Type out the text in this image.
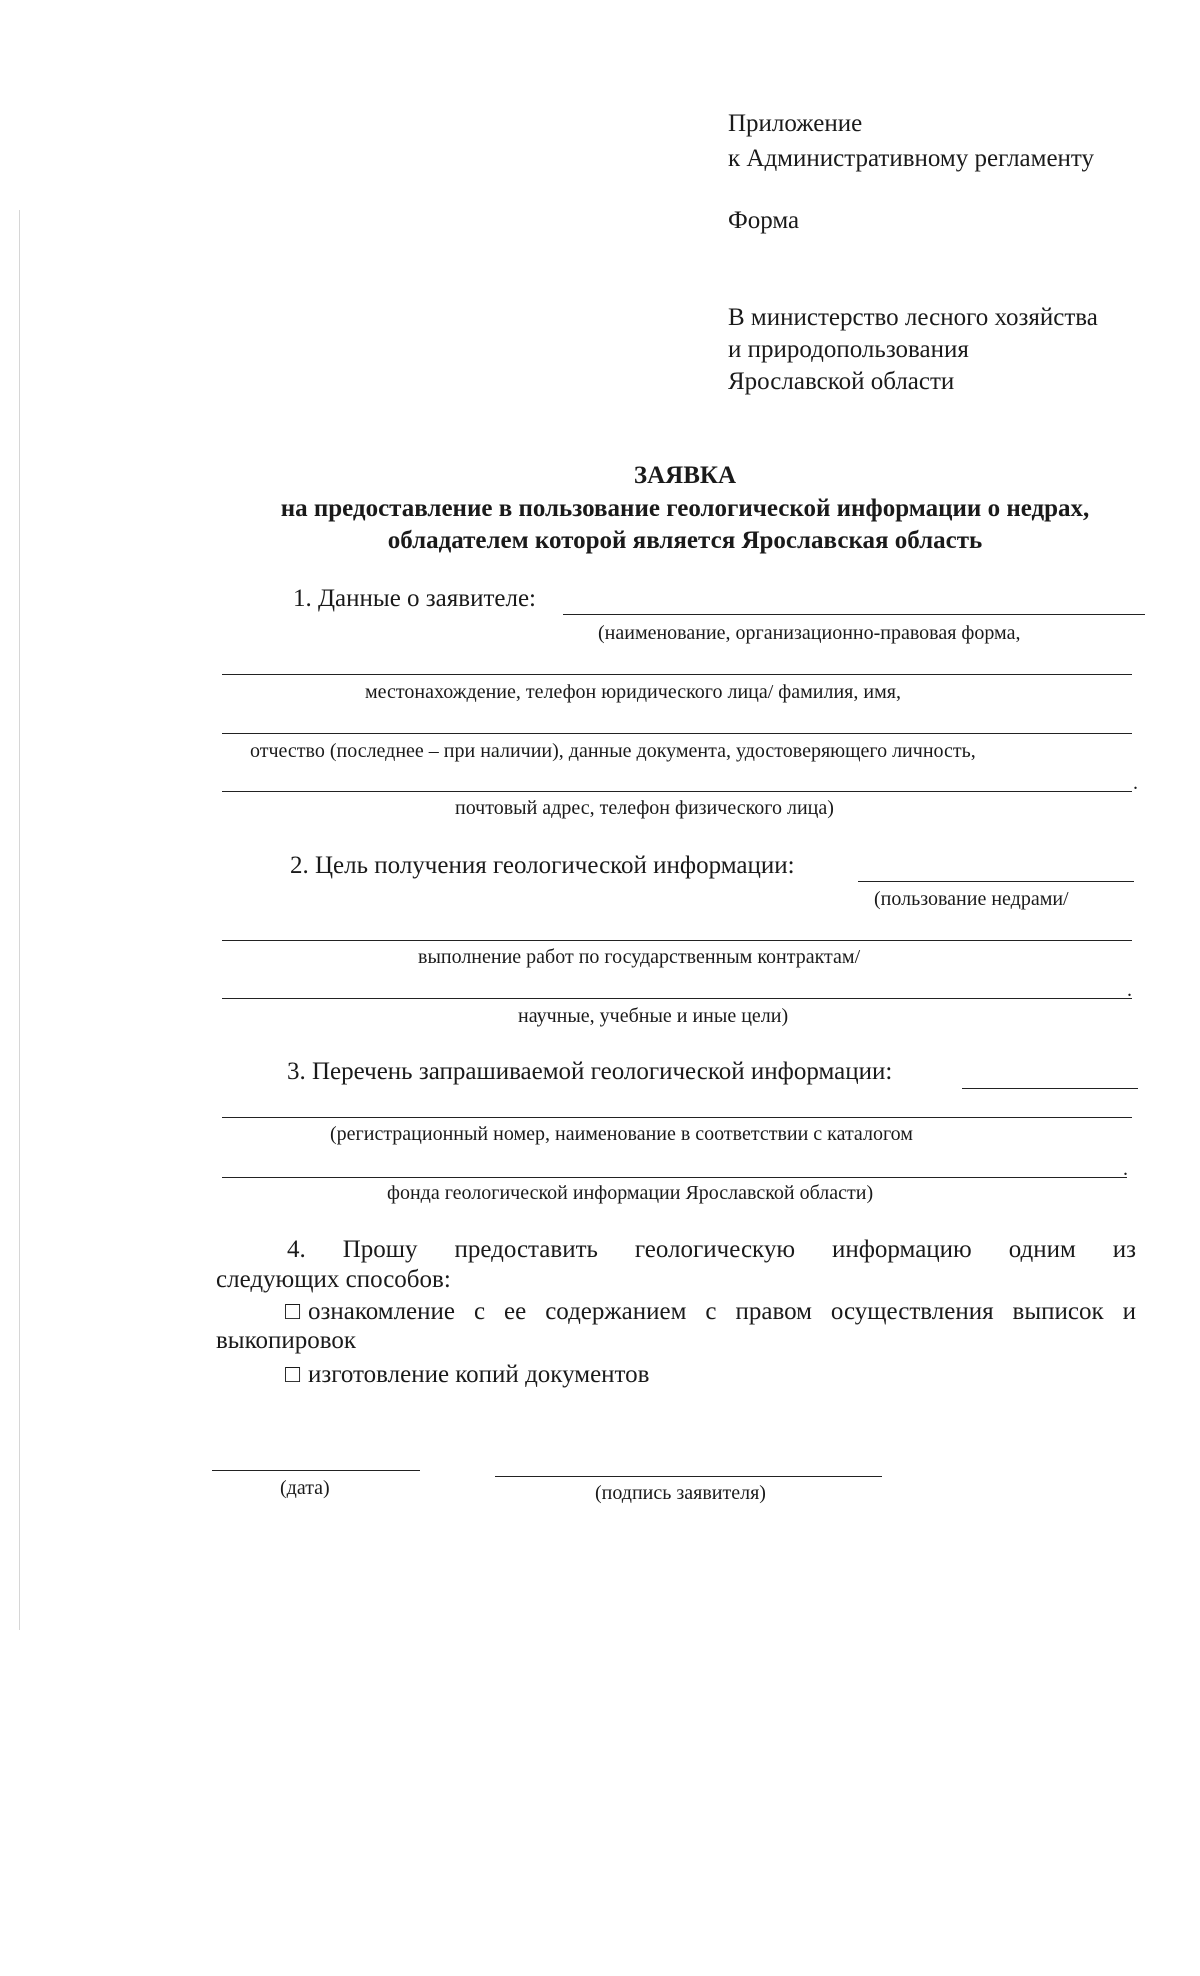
Приложение
к Административному регламенту
Форма
В министерство лесного хозяйства
и природопользования
Ярославской области
ЗАЯВКА
на предоставление в пользование геологической информации о недрах,
обладателем которой является Ярославская область
1. Данные о заявителе:
(наименование, организационно-правовая форма,
местонахождение, телефон юридического лица/ фамилия, имя,
отчество (последнее – при наличии), данные документа, удостоверяющего личность,
.
почтовый адрес, телефон физического лица)
2. Цель получения геологической информации:
(пользование недрами/
выполнение работ по государственным контрактам/
.
научные, учебные и иные цели)
3. Перечень запрашиваемой геологической информации:
(регистрационный номер, наименование в соответствии с каталогом
.
фонда геологической информации Ярославской области)
4. Прошу предоставить геологическую информацию одним из
следующих способов:
□ ознакомление с ее содержанием с правом осуществления выписок и
выкопировок
□ изготовление копий документов
(дата)	(подпись заявителя)
